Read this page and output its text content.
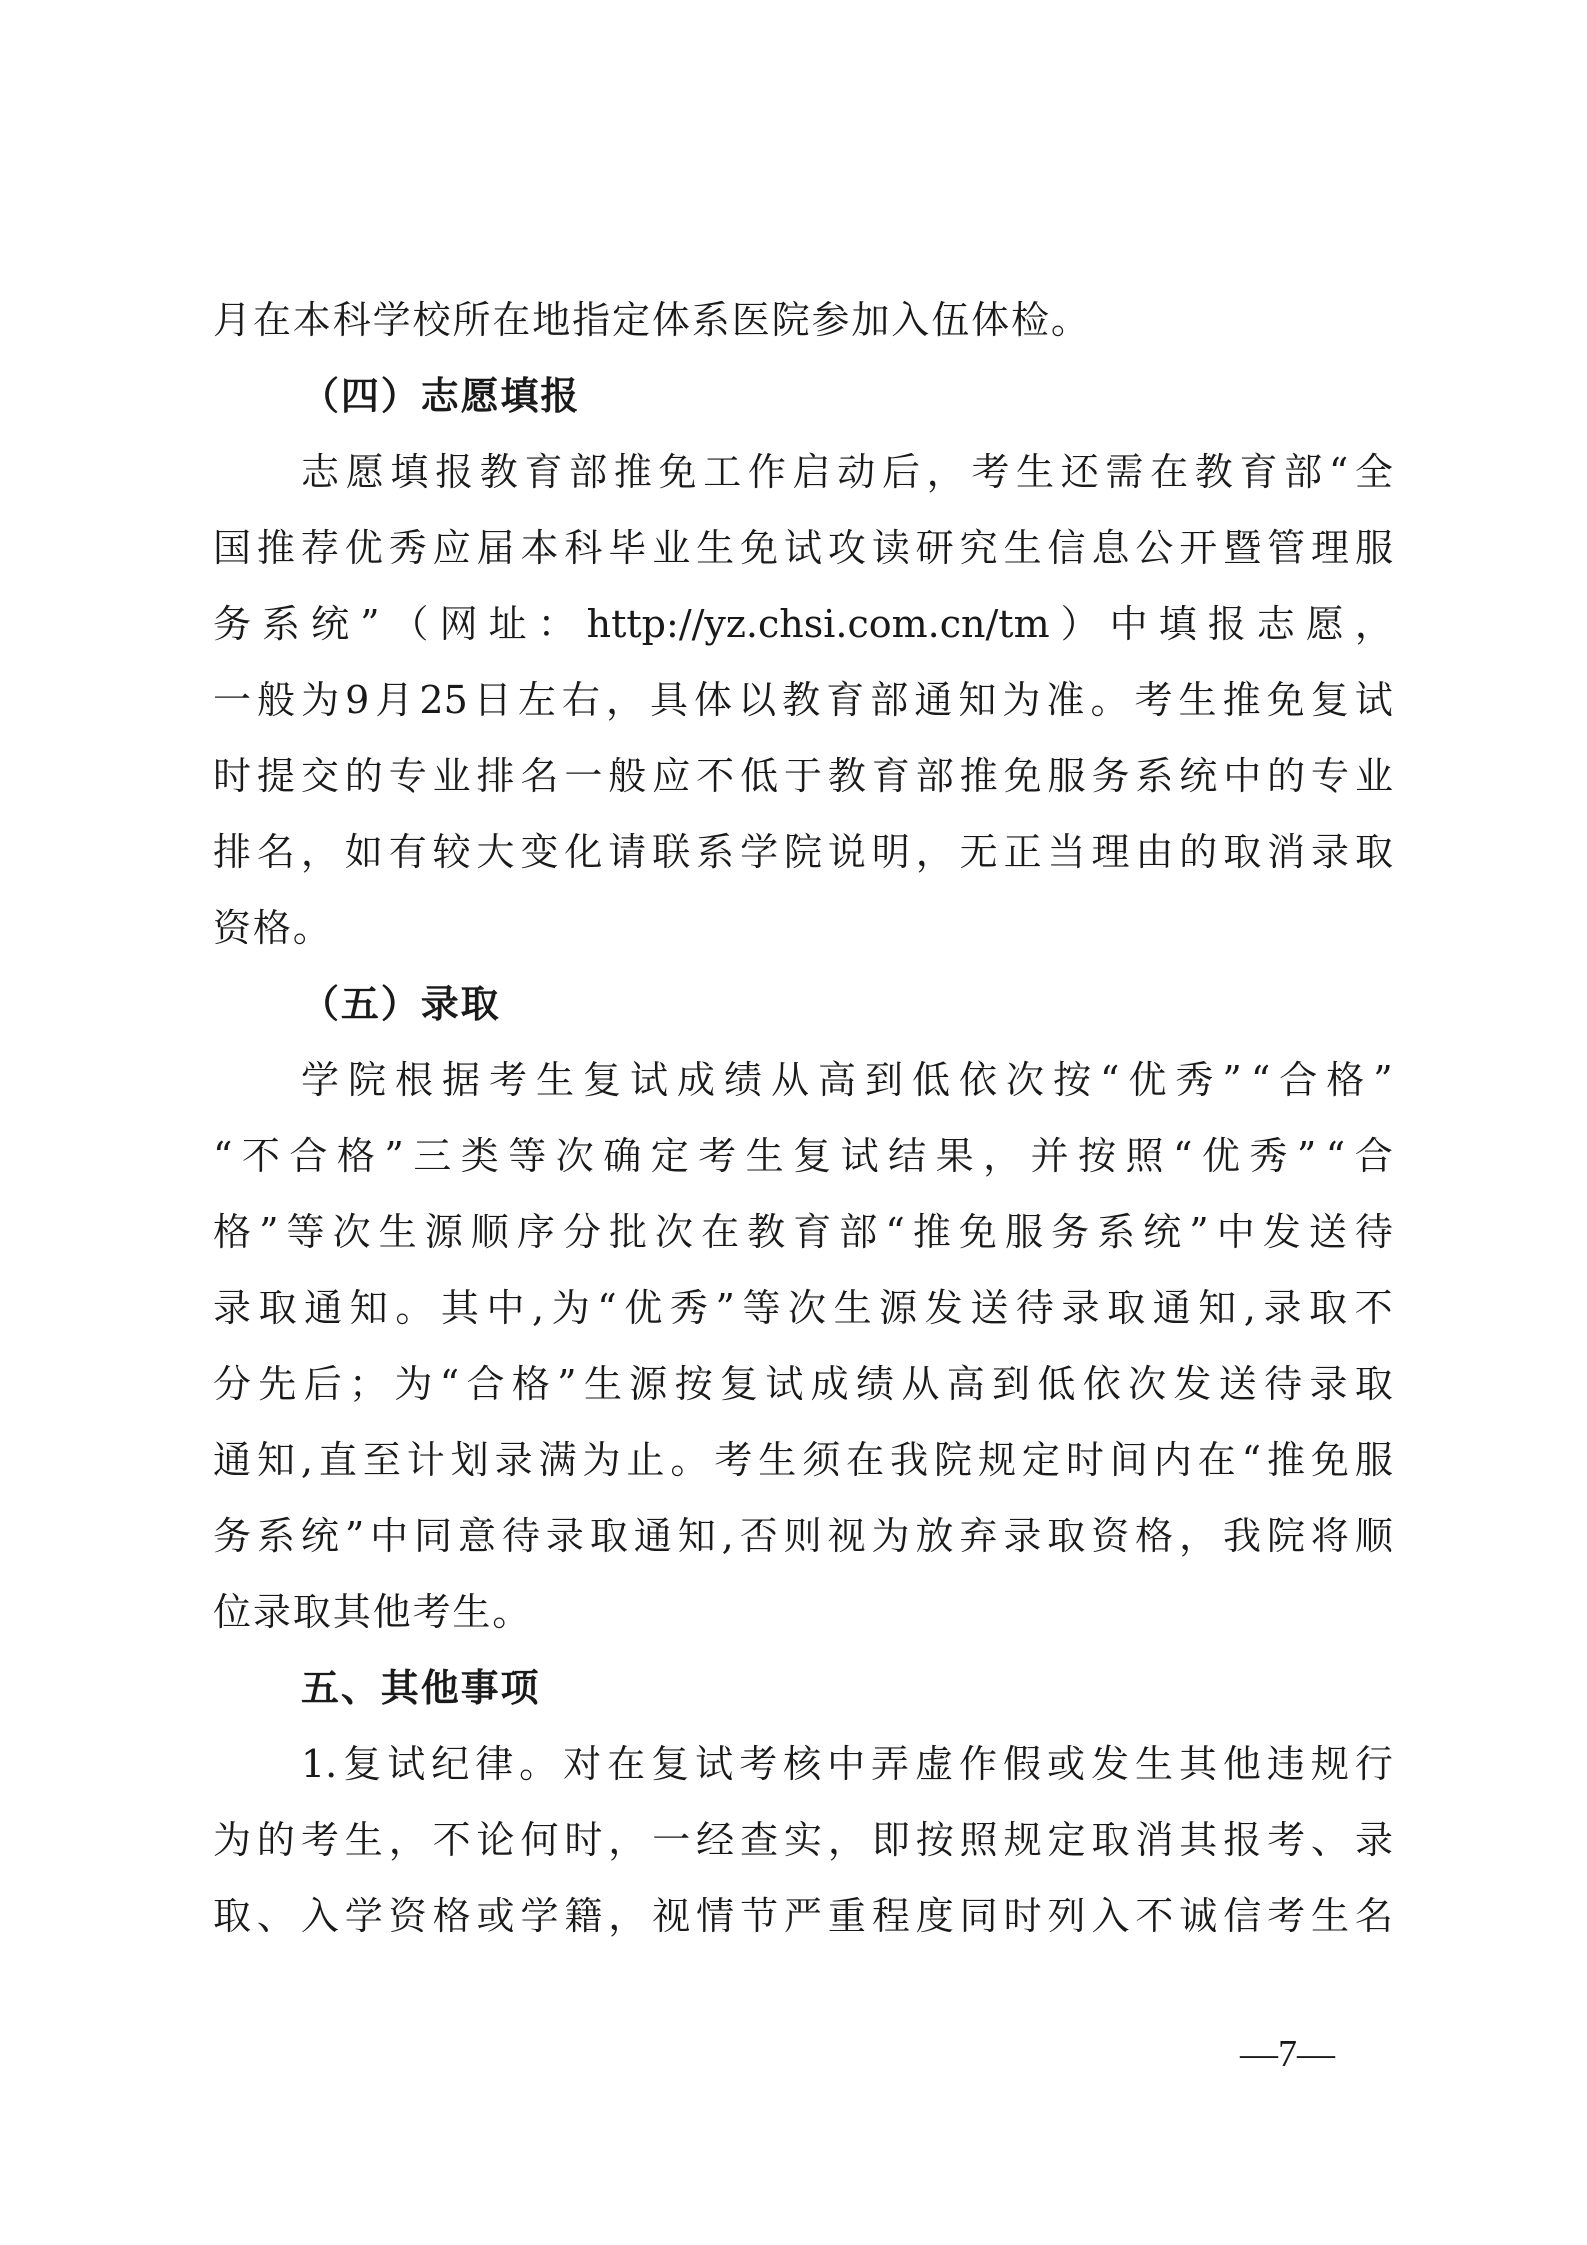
月在本科学校所在地指定体系医院参加入伍体检。
（四）志愿填报
志 愿 填 报 教 育 部 推 免 工 作 启 动 后 ， 考 生 还 需 在 教 育 部 “ 全
国 推 荐 优 秀 应 届 本 科 毕 业 生 免 试 攻 读 研 究 生 信 息 公 开 暨 管 理 服
务 系 统 ” （ 网 址 ： http://yz.chsi.com.cn/tm ） 中 填 报 志 愿 ，
一 般 为 9 月 25 日 左 右 ， 具 体 以 教 育 部 通 知 为 准 。 考 生 推 免 复 试
时 提 交 的 专 业 排 名 一 般 应 不 低 于 教 育 部 推 免 服 务 系 统 中 的 专 业
排 名 ， 如 有 较 大 变 化 请 联 系 学 院 说 明 ， 无 正 当 理 由 的 取 消 录 取
资格。
（五）录取
学 院 根 据 考 生 复 试 成 绩 从 高 到 低 依 次 按 “ 优 秀 ” “ 合 格 ”
“ 不 合 格 ” 三 类 等 次 确 定 考 生 复 试 结 果 ， 并 按 照 “ 优 秀 ” “ 合
格 ” 等 次 生 源 顺 序 分 批 次 在 教 育 部 “ 推 免 服 务 系 统 ” 中 发 送 待
录 取 通 知 。 其 中 , 为 “ 优 秀 ” 等 次 生 源 发 送 待 录 取 通 知 , 录 取 不
分 先 后 ； 为 “ 合 格 ” 生 源 按 复 试 成 绩 从 高 到 低 依 次 发 送 待 录 取
通 知 , 直 至 计 划 录 满 为 止 。 考 生 须 在 我 院 规 定 时 间 内 在 “ 推 免 服
务 系 统 ” 中 同 意 待 录 取 通 知 , 否 则 视 为 放 弃 录 取 资 格 ， 我 院 将 顺
位录取其他考生。
五、其他事项
1. 复 试 纪 律 。 对 在 复 试 考 核 中 弄 虚 作 假 或 发 生 其 他 违 规 行
为 的 考 生 ， 不 论 何 时 ， 一 经 查 实 ， 即 按 照 规 定 取 消 其 报 考 、 录
取 、 入 学 资 格 或 学 籍 ， 视 情 节 严 重 程 度 同 时 列 入 不 诚 信 考 生 名
—7—
